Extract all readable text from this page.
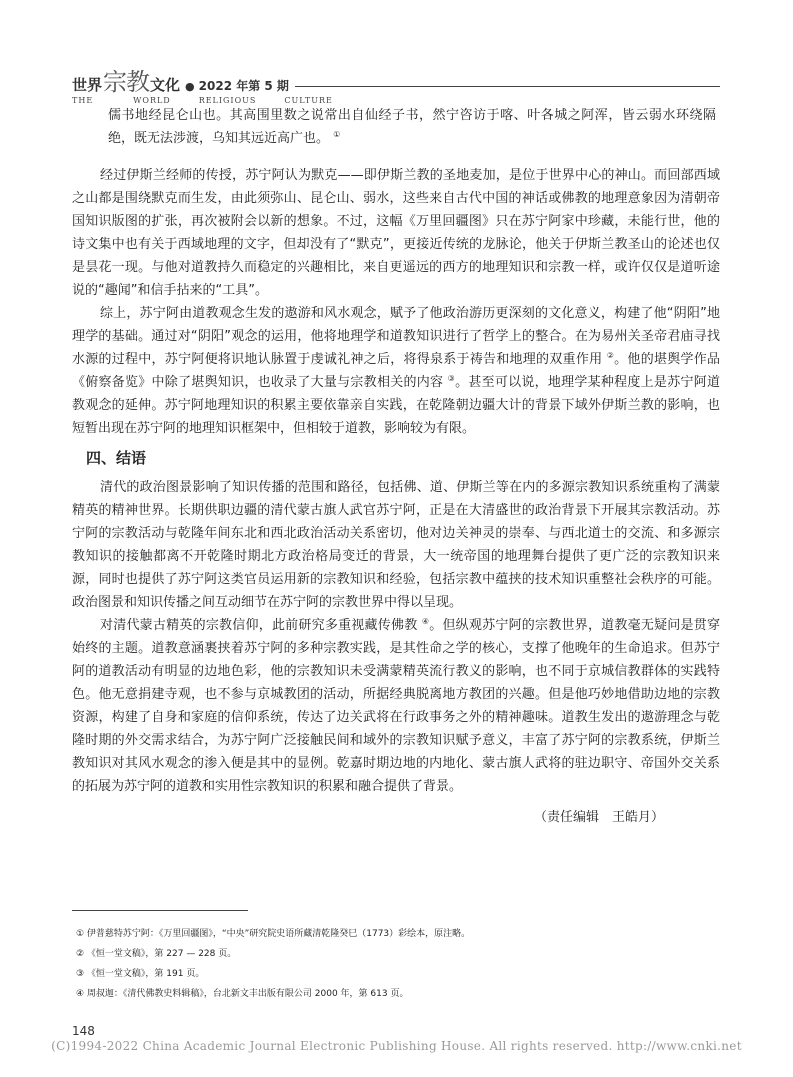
世界 宗教 文化 ● 2022 年第 5 期
THE	WORLD	RELIGIOUS	CULTURE

儒书地经昆仑山也。其高围里数之说常出自仙经子书，然宁咨访于喀、叶各城之阿浑，皆云弱水环绕隔绝，既无法涉渡，乌知其远近高广也。 ①

经过伊斯兰经师的传授，苏宁阿认为默克——即伊斯兰教的圣地麦加，是位于世界中心的神山。而回部西域之山都是围绕默克而生发，由此须弥山、昆仑山、弱水，这些来自古代中国的神话或佛教的地理意象因为清朝帝国知识版图的扩张，再次被附会以新的想象。不过，这幅《万里回疆图》只在苏宁阿家中珍藏，未能行世，他的诗文集中也有关于西域地理的文字，但却没有了“默克”，更接近传统的龙脉论，他关于伊斯兰教圣山的论述也仅是昙花一现。与他对道教持久而稳定的兴趣相比，来自更遥远的西方的地理知识和宗教一样，或许仅仅是道听途说的“趣闻”和信手拈来的“工具”。

综上，苏宁阿由道教观念生发的遨游和风水观念，赋予了他政治游历更深刻的文化意义，构建了他“阴阳”地理学的基础。通过对“阴阳”观念的运用，他将地理学和道教知识进行了哲学上的整合。在为易州关圣帝君庙寻找水源的过程中，苏宁阿便将识地认脉置于虔诚礼神之后，将得泉系于祷告和地理的双重作用 ②。他的堪舆学作品《俯察备览》中除了堪舆知识，也收录了大量与宗教相关的内容 ③。甚至可以说，地理学某种程度上是苏宁阿道教观念的延伸。苏宁阿地理知识的积累主要依靠亲自实践，在乾隆朝边疆大计的背景下域外伊斯兰教的影响，也短暂出现在苏宁阿的地理知识框架中，但相较于道教，影响较为有限。

四、结语

清代的政治图景影响了知识传播的范围和路径，包括佛、道、伊斯兰等在内的多源宗教知识系统重构了满蒙精英的精神世界。长期供职边疆的清代蒙古旗人武官苏宁阿，正是在大清盛世的政治背景下开展其宗教活动。苏宁阿的宗教活动与乾隆年间东北和西北政治活动关系密切，他对边关神灵的崇奉、与西北道士的交流、和多源宗教知识的接触都离不开乾隆时期北方政治格局变迁的背景，大一统帝国的地理舞台提供了更广泛的宗教知识来源，同时也提供了苏宁阿这类官员运用新的宗教知识和经验，包括宗教中蕴挟的技术知识重整社会秩序的可能。政治图景和知识传播之间互动细节在苏宁阿的宗教世界中得以呈现。

对清代蒙古精英的宗教信仰，此前研究多重视藏传佛教 ④。但纵观苏宁阿的宗教世界，道教毫无疑问是贯穿始终的主题。道教意涵裹挟着苏宁阿的多种宗教实践，是其性命之学的核心，支撑了他晚年的生命追求。但苏宁阿的道教活动有明显的边地色彩，他的宗教知识未受满蒙精英流行教义的影响，也不同于京城信教群体的实践特色。他无意捐建寺观，也不参与京城教团的活动，所据经典脱离地方教团的兴趣。但是他巧妙地借助边地的宗教资源，构建了自身和家庭的信仰系统，传达了边关武将在行政事务之外的精神趣味。道教生发出的遨游理念与乾隆时期的外交需求结合，为苏宁阿广泛接触民间和域外的宗教知识赋予意义，丰富了苏宁阿的宗教系统，伊斯兰教知识对其风水观念的渗入便是其中的显例。乾嘉时期边地的内地化、蒙古旗人武将的驻边职守、帝国外交关系的拓展为苏宁阿的道教和实用性宗教知识的积累和融合提供了背景。

（责任编辑　王皓月）

① 伊普慈特苏宁阿：《万里回疆图》，“中央”研究院史语所藏清乾隆癸巳（1773）彩绘本，原注略。
② 《恒一堂文稿》，第 227 — 228 页。
③ 《恒一堂文稿》，第 191 页。
④ 周叔迦：《清代佛教史料辑稿》，台北新文丰出版有限公司 2000 年，第 613 页。
148
(C)1994-2022 China Academic Journal Electronic Publishing House. All rights reserved. http://www.cnki.net
